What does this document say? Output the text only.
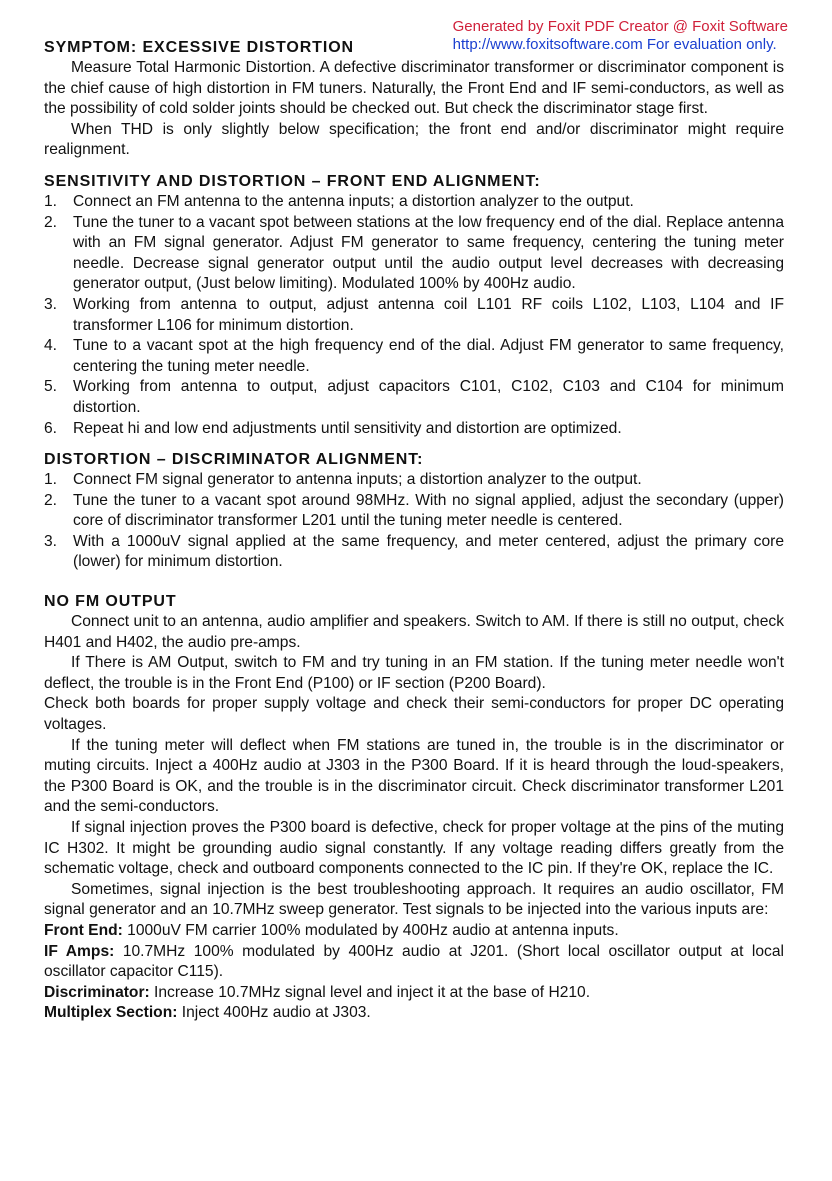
Generated by Foxit PDF Creator @ Foxit Software
http://www.foxitsoftware.com For evaluation only.
SYMPTOM: EXCESSIVE DISTORTION

Measure Total Harmonic Distortion. A defective discriminator transformer or discriminator component is the chief cause of high distortion in FM tuners. Naturally, the Front End and IF semi-conductors, as well as the possibility of cold solder joints should be checked out. But check the discriminator stage first.

When THD is only slightly below specification; the front end and/or discriminator might require realignment.

SENSITIVITY AND DISTORTION – FRONT END ALIGNMENT:
1.	Connect an FM antenna to the antenna inputs; a distortion analyzer to the output.
2.	Tune the tuner to a vacant spot between stations at the low frequency end of the dial. Replace antenna with an FM signal generator. Adjust FM generator to same frequency, centering the tuning meter needle. Decrease signal generator output until the audio output level decreases with decreasing generator output, (Just below limiting). Modulated 100% by 400Hz audio.
3.	Working from antenna to output, adjust antenna coil L101 RF coils L102, L103, L104 and IF transformer L106 for minimum distortion.
4.	Tune to a vacant spot at the high frequency end of the dial. Adjust FM generator to same frequency, centering the tuning meter needle.
5.	Working from antenna to output, adjust capacitors C101, C102, C103 and C104 for minimum distortion.
6.	Repeat hi and low end adjustments until sensitivity and distortion are optimized.
DISTORTION – DISCRIMINATOR ALIGNMENT:
1.	Connect FM signal generator to antenna inputs; a distortion analyzer to the output.
2.	Tune the tuner to a vacant spot around 98MHz. With no signal applied, adjust the secondary (upper) core of discriminator transformer L201 until the tuning meter needle is centered.
3.	With a 1000uV signal applied at the same frequency, and meter centered, adjust the primary core (lower) for minimum distortion.
NO FM OUTPUT

Connect unit to an antenna, audio amplifier and speakers. Switch to AM. If there is still no output, check H401 and H402, the audio pre-amps.

If There is AM Output, switch to FM and try tuning in an FM station. If the tuning meter needle won't deflect, the trouble is in the Front End (P100) or IF section (P200 Board).

Check both boards for proper supply voltage and check their semi-conductors for proper DC operating voltages.

If the tuning meter will deflect when FM stations are tuned in, the trouble is in the discriminator or muting circuits. Inject a 400Hz audio at J303 in the P300 Board. If it is heard through the loud-speakers, the P300 Board is OK, and the trouble is in the discriminator circuit. Check discriminator transformer L201 and the semi-conductors.

If signal injection proves the P300 board is defective, check for proper voltage at the pins of the muting IC H302. It might be grounding audio signal constantly. If any voltage reading differs greatly from the schematic voltage, check and outboard components connected to the IC pin. If they're OK, replace the IC.

Sometimes, signal injection is the best troubleshooting approach. It requires an audio oscillator, FM signal generator and an 10.7MHz sweep generator. Test signals to be injected into the various inputs are:

Front End: 1000uV FM carrier 100% modulated by 400Hz audio at antenna inputs.

IF Amps: 10.7MHz 100% modulated by 400Hz audio at J201. (Short local oscillator output at local oscillator capacitor C115).

Discriminator: Increase 10.7MHz signal level and inject it at the base of H210.

Multiplex Section: Inject 400Hz audio at J303.
